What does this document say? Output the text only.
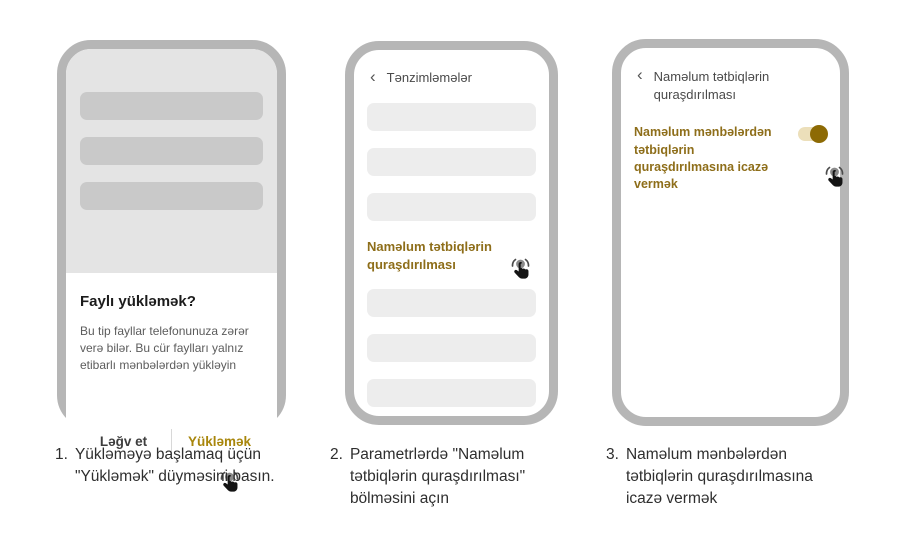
Faylı yükləmək?

Bu tip fayllar telefonunuza zərər verə bilər. Bu cür faylları yalnız etibarlı mənbələrdən yükləyin

Ləğv et	Yükləmək
‹ Tənzimləmələr
Naməlum tətbiqlərin quraşdırılması
‹ Naməlum tətbiqlərin quraşdırılması
Naməlum mənbələrdən tətbiqlərin quraşdırılmasına icazə vermək
1. Yükləməyə başlamaq üçün "Yükləmək" düyməsini basın.
2. Parametrlərdə "Naməlum tətbiqlərin quraşdırılması" bölməsini açın
3. Naməlum mənbələrdən tətbiqlərin quraşdırılmasına icazə vermək
